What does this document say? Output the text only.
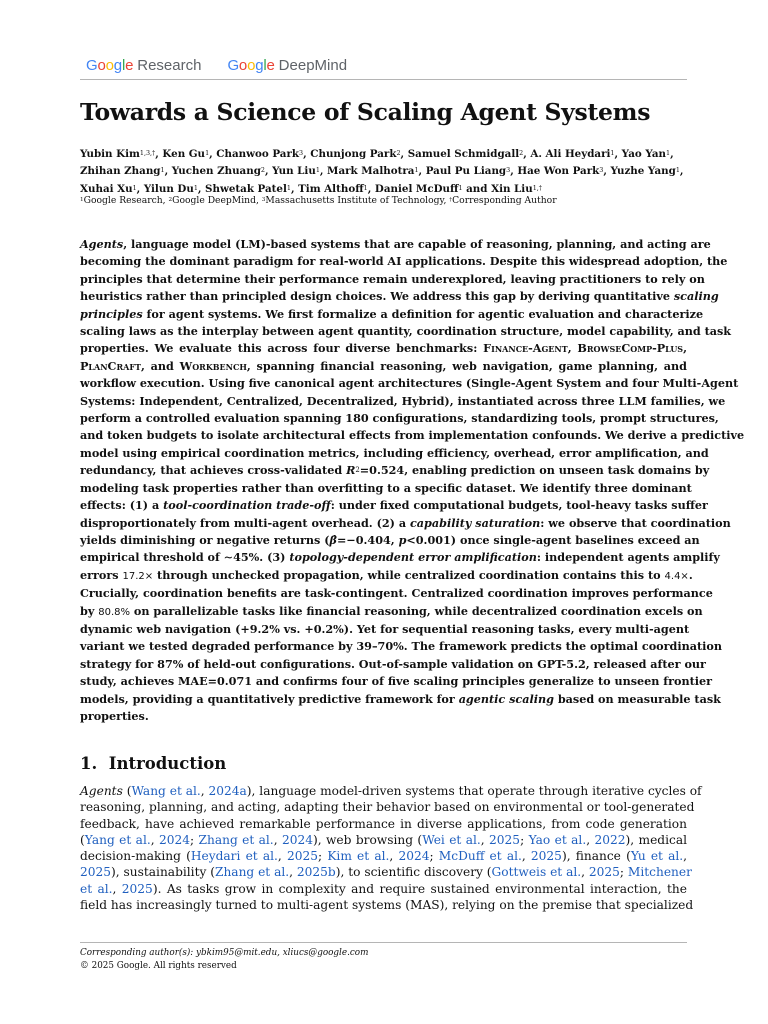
Google Research Google DeepMind
Towards a Science of Scaling Agent Systems
Yubin Kim$^{1,3,\dagger}$, Ken Gu$^1$, Chanwoo Park$^3$, Chunjong Park$^2$, Samuel Schmidgall$^2$, A. Ali Heydari$^1$, Yao Yan$^1$,
Zhihan Zhang$^1$, Yuchen Zhuang$^2$, Yun Liu$^1$, Mark Malhotra$^1$, Paul Pu Liang$^3$, Hae Won Park$^3$, Yuzhe Yang$^1$,
Xuhai Xu$^1$, Yilun Du$^1$, Shwetak Patel$^1$, Tim Althoff$^1$, Daniel McDuff$^1$ and Xin Liu$^{1,\dagger}$
$^1$Google Research, $^2$Google DeepMind, $^3$Massachusetts Institute of Technology, †Corresponding Author
Agents, language model (LM)-based systems that are capable of reasoning, planning, and acting are
becoming the dominant paradigm for real-world AI applications. Despite this widespread adoption, the
principles that determine their performance remain underexplored, leaving practitioners to rely on
heuristics rather than principled design choices. We address this gap by deriving quantitative scaling
principles for agent systems. We first formalize a definition for agentic evaluation and characterize
scaling laws as the interplay between agent quantity, coordination structure, model capability, and task
properties. We evaluate this across four diverse benchmarks: Finance-Agent, BrowseComp-Plus,
PlanCraft, and Workbench, spanning financial reasoning, web navigation, game planning, and
workflow execution. Using five canonical agent architectures (Single-Agent System and four Multi-Agent
Systems: Independent, Centralized, Decentralized, Hybrid), instantiated across three LLM families, we
perform a controlled evaluation spanning 180 configurations, standardizing tools, prompt structures,
and token budgets to isolate architectural effects from implementation confounds. We derive a predictive
model using empirical coordination metrics, including efficiency, overhead, error amplification, and
redundancy, that achieves cross-validated $R^2=0.524$, enabling prediction on unseen task domains by
modeling task properties rather than overfitting to a specific dataset. We identify three dominant
effects: (1) a tool-coordination trade-off: under fixed computational budgets, tool-heavy tasks suffer
disproportionately from multi-agent overhead. (2) a capability saturation: we observe that coordination
yields diminishing or negative returns (β̂=−0.404, p<0.001) once single-agent baselines exceed an
empirical threshold of ∼45%. (3) topology-dependent error amplification: independent agents amplify
errors 17.2× through unchecked propagation, while centralized coordination contains this to 4.4×.
Crucially, coordination benefits are task-contingent. Centralized coordination improves performance
by 80.8% on parallelizable tasks like financial reasoning, while decentralized coordination excels on
dynamic web navigation (+9.2% vs. +0.2%). Yet for sequential reasoning tasks, every multi-agent
variant we tested degraded performance by 39–70%. The framework predicts the optimal coordination
strategy for 87% of held-out configurations. Out-of-sample validation on GPT-5.2, released after our
study, achieves MAE=0.071 and confirms four of five scaling principles generalize to unseen frontier
models, providing a quantitatively predictive framework for agentic scaling based on measurable task
properties.
1. Introduction
Agents (Wang et al., 2024a), language model-driven systems that operate through iterative cycles of
reasoning, planning, and acting, adapting their behavior based on environmental or tool-generated
feedback, have achieved remarkable performance in diverse applications, from code generation
(Yang et al., 2024; Zhang et al., 2024), web browsing (Wei et al., 2025; Yao et al., 2022), medical
decision-making (Heydari et al., 2025; Kim et al., 2024; McDuff et al., 2025), finance (Yu et al.,
2025), sustainability (Zhang et al., 2025b), to scientific discovery (Gottweis et al., 2025; Mitchener
et al., 2025). As tasks grow in complexity and require sustained environmental interaction, the
field has increasingly turned to multi-agent systems (MAS), relying on the premise that specialized
Corresponding author(s): ybkim95@mit.edu, xliucs@google.com
© 2025 Google. All rights reserved
